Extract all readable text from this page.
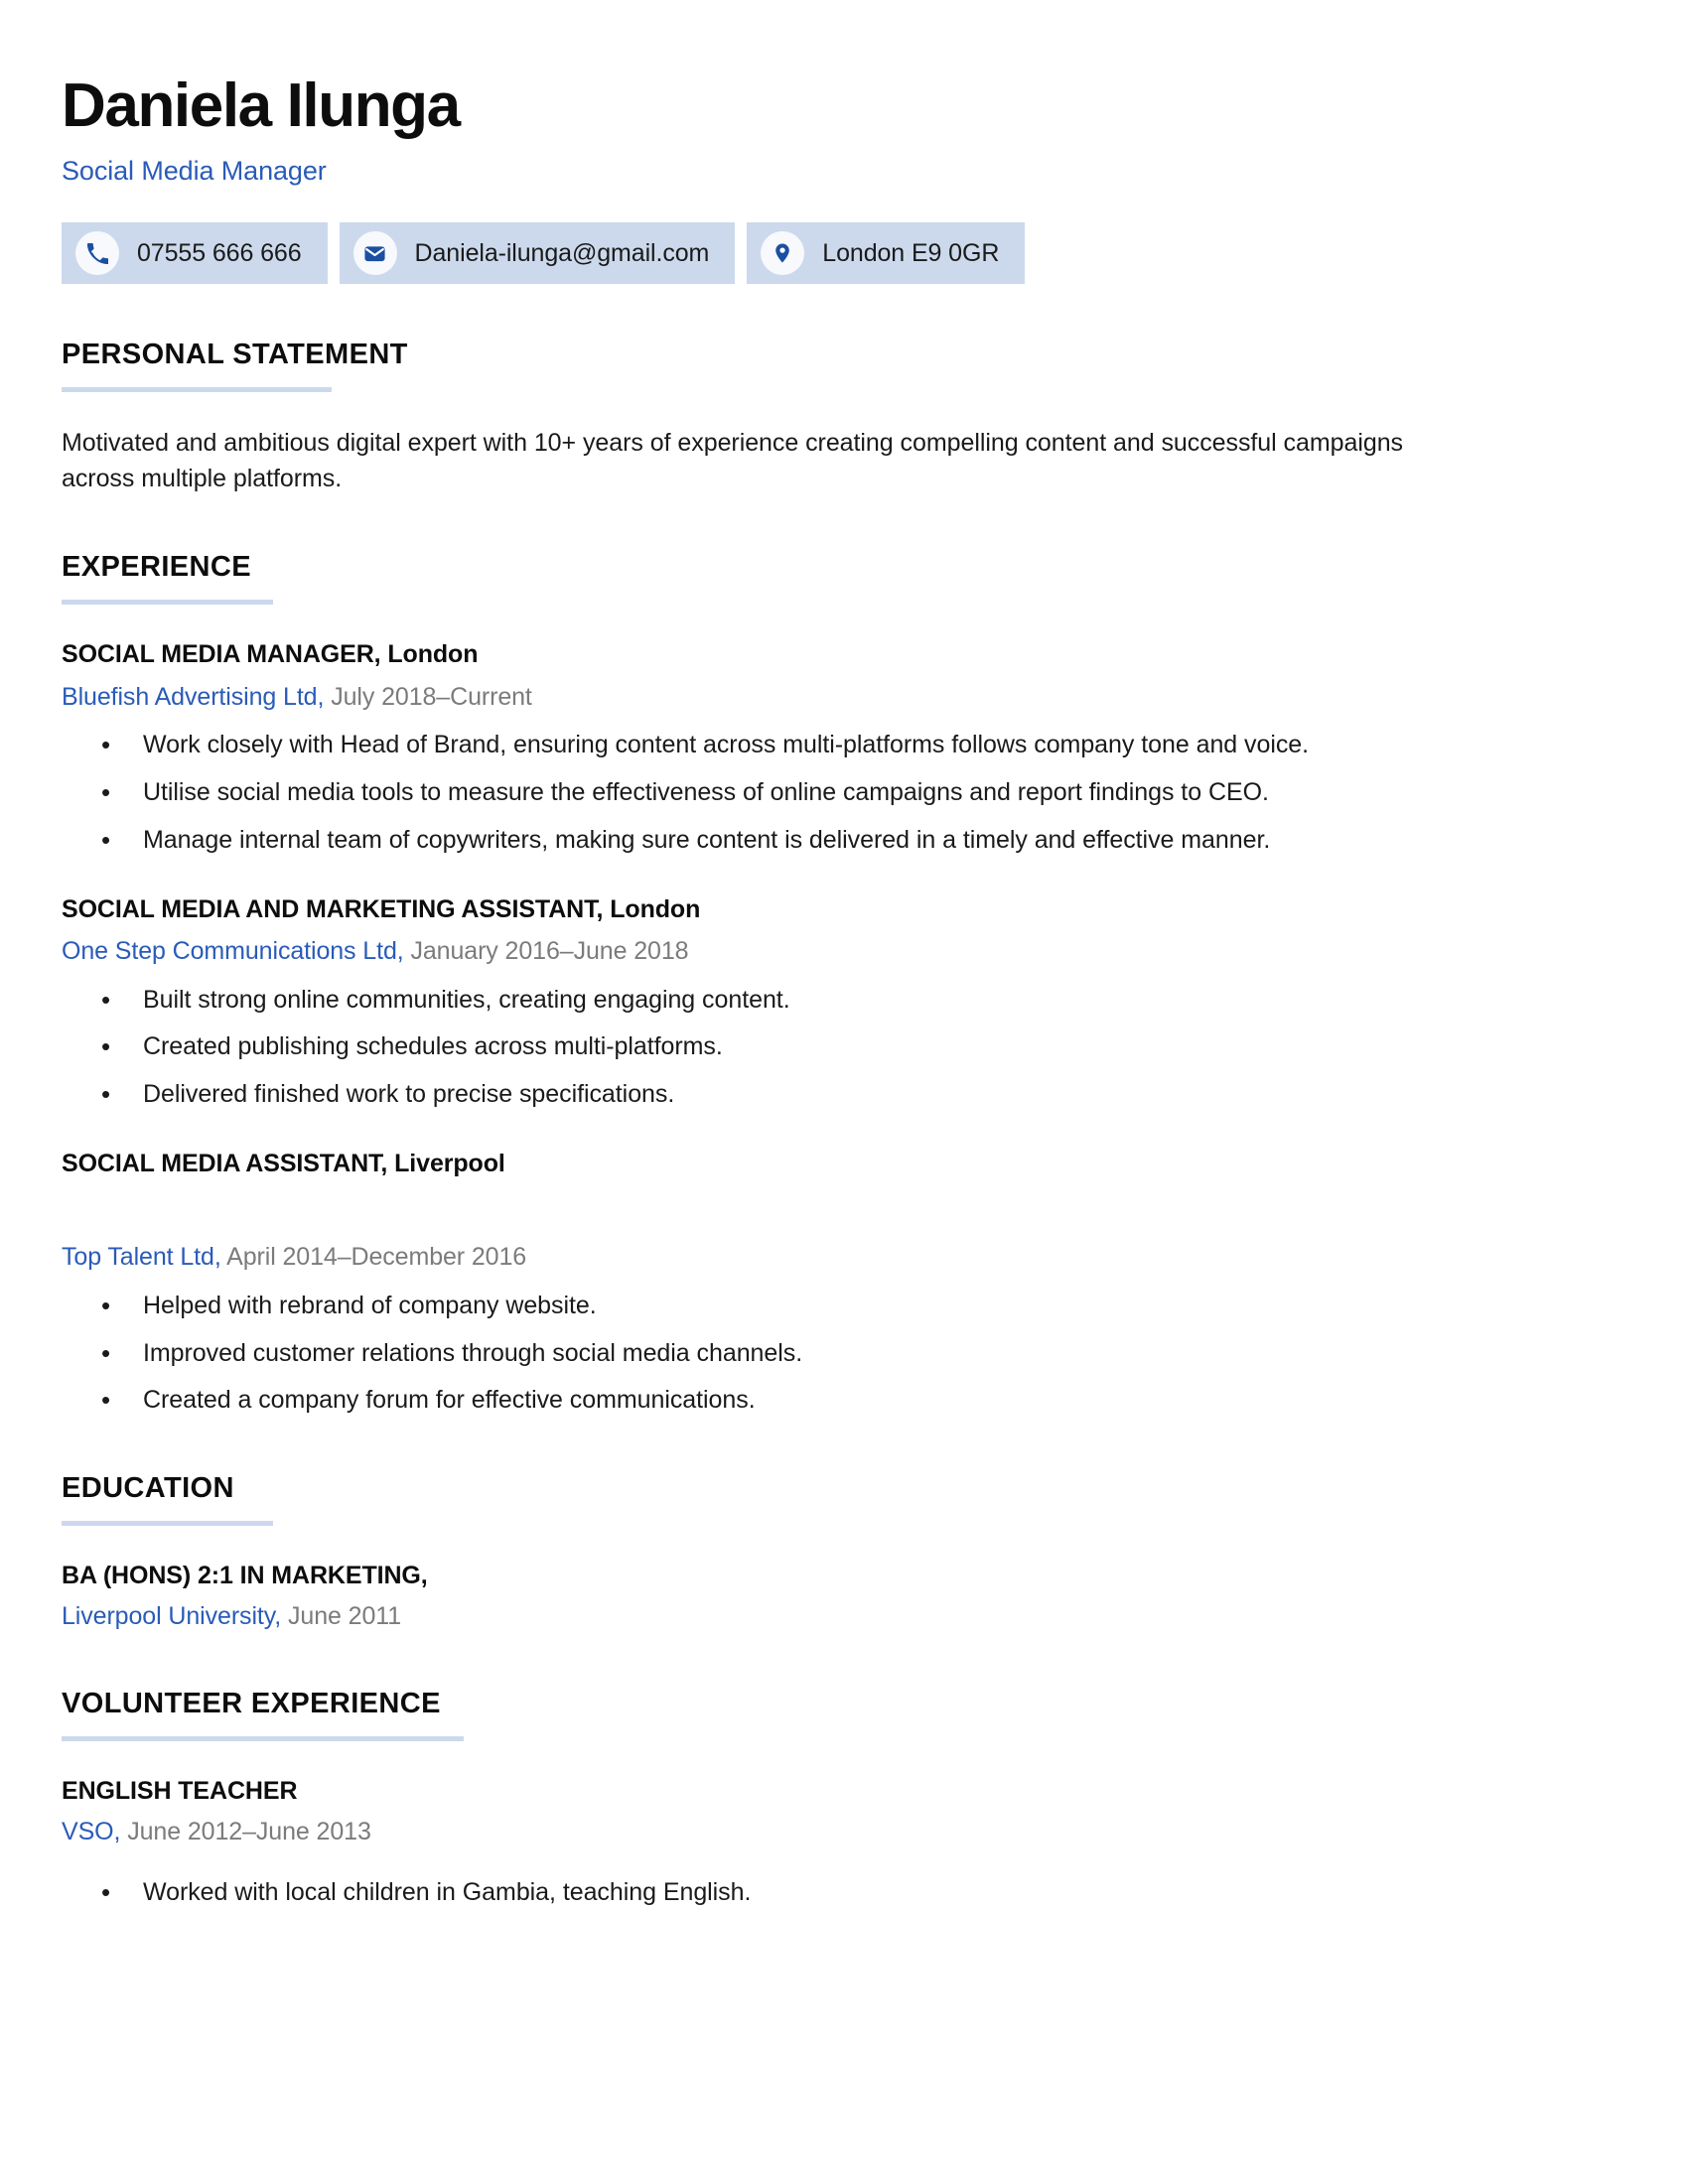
Daniela Ilunga
Social Media Manager
07555 666 666	Daniela-ilunga@gmail.com	London E9 0GR
PERSONAL STATEMENT

Motivated and ambitious digital expert with 10+ years of experience creating compelling content and successful campaigns across multiple platforms.

EXPERIENCE
SOCIAL MEDIA MANAGER, London
Bluefish Advertising Ltd, July 2018–Current
• Work closely with Head of Brand, ensuring content across multi-platforms follows company tone and voice.
• Utilise social media tools to measure the effectiveness of online campaigns and report findings to CEO.
• Manage internal team of copywriters, making sure content is delivered in a timely and effective manner.
SOCIAL MEDIA AND MARKETING ASSISTANT, London
One Step Communications Ltd, January 2016–June 2018
• Built strong online communities, creating engaging content.
• Created publishing schedules across multi-platforms.
• Delivered finished work to precise specifications.
SOCIAL MEDIA ASSISTANT, Liverpool
Top Talent Ltd, April 2014–December 2016
• Helped with rebrand of company website.
• Improved customer relations through social media channels.
• Created a company forum for effective communications.
EDUCATION
BA (HONS) 2:1 IN MARKETING,
Liverpool University, June 2011
VOLUNTEER EXPERIENCE
ENGLISH TEACHER
VSO, June 2012–June 2013
• Worked with local children in Gambia, teaching English.
